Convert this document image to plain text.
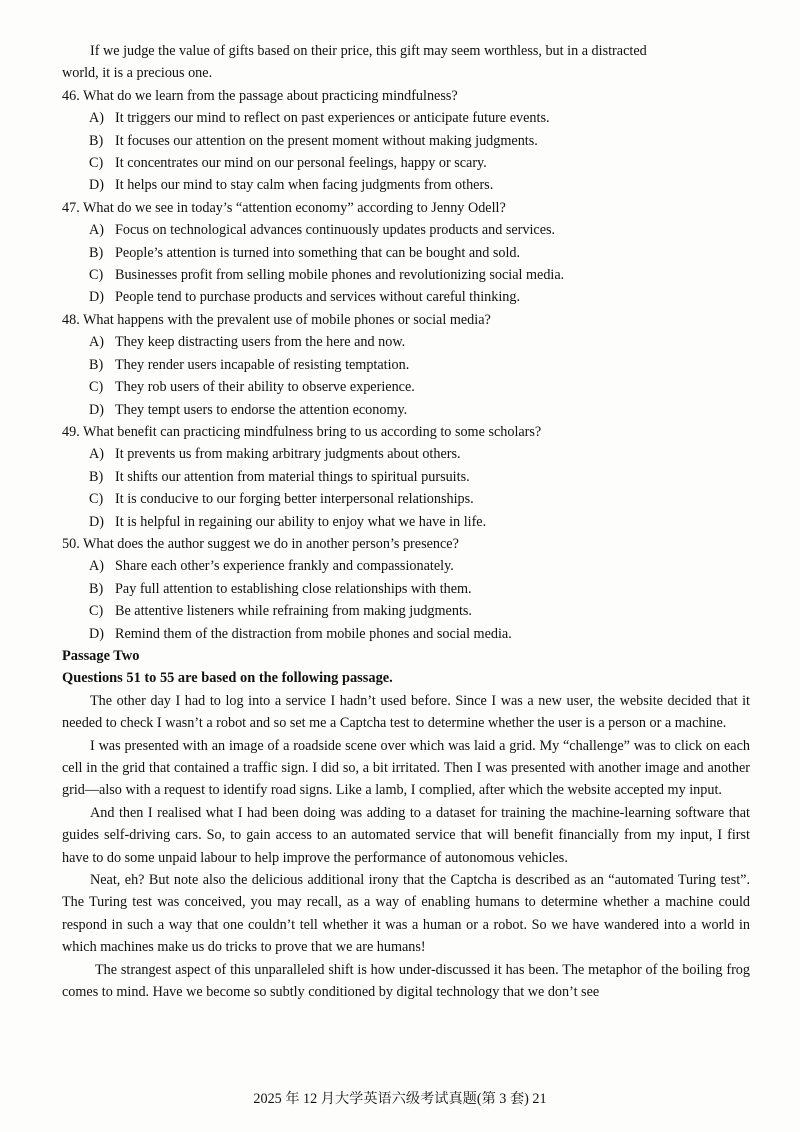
If we judge the value of gifts based on their price, this gift may seem worthless, but in a distracted
world, it is a precious one.
46. What do we learn from the passage about practicing mindfulness?
A) It triggers our mind to reflect on past experiences or anticipate future events.
B) It focuses our attention on the present moment without making judgments.
C) It concentrates our mind on our personal feelings, happy or scary.
D) It helps our mind to stay calm when facing judgments from others.
47. What do we see in today’s “attention economy” according to Jenny Odell?
A) Focus on technological advances continuously updates products and services.
B) People’s attention is turned into something that can be bought and sold.
C) Businesses profit from selling mobile phones and revolutionizing social media.
D) People tend to purchase products and services without careful thinking.
48. What happens with the prevalent use of mobile phones or social media?
A) They keep distracting users from the here and now.
B) They render users incapable of resisting temptation.
C) They rob users of their ability to observe experience.
D) They tempt users to endorse the attention economy.
49. What benefit can practicing mindfulness bring to us according to some scholars?
A) It prevents us from making arbitrary judgments about others.
B) It shifts our attention from material things to spiritual pursuits.
C) It is conducive to our forging better interpersonal relationships.
D) It is helpful in regaining our ability to enjoy what we have in life.
50. What does the author suggest we do in another person’s presence?
A) Share each other’s experience frankly and compassionately.
B) Pay full attention to establishing close relationships with them.
C) Be attentive listeners while refraining from making judgments.
D) Remind them of the distraction from mobile phones and social media.
Passage Two
Questions 51 to 55 are based on the following passage.

The other day I had to log into a service I hadn’t used before. Since I was a new user, the website decided that it needed to check I wasn’t a robot and so set me a Captcha test to determine whether the user is a person or a machine.

I was presented with an image of a roadside scene over which was laid a grid. My “challenge” was to click on each cell in the grid that contained a traffic sign. I did so, a bit irritated. Then I was presented with another image and another grid—also with a request to identify road signs. Like a lamb, I complied, after which the website accepted my input.

And then I realised what I had been doing was adding to a dataset for training the machine-learning software that guides self-driving cars. So, to gain access to an automated service that will benefit financially from my input, I first have to do some unpaid labour to help improve the performance of autonomous vehicles.

Neat, eh? But note also the delicious additional irony that the Captcha is described as an “automated Turing test”. The Turing test was conceived, you may recall, as a way of enabling humans to determine whether a machine could respond in such a way that one couldn’t tell whether it was a human or a robot. So we have wandered into a world in which machines make us do tricks to prove that we are humans!

The strangest aspect of this unparalleled shift is how under-discussed it has been. The metaphor of the boiling frog comes to mind. Have we become so subtly conditioned by digital technology that we don’t see

2025 年 12 月大学英语六级考试真题(第 3 套) 21
